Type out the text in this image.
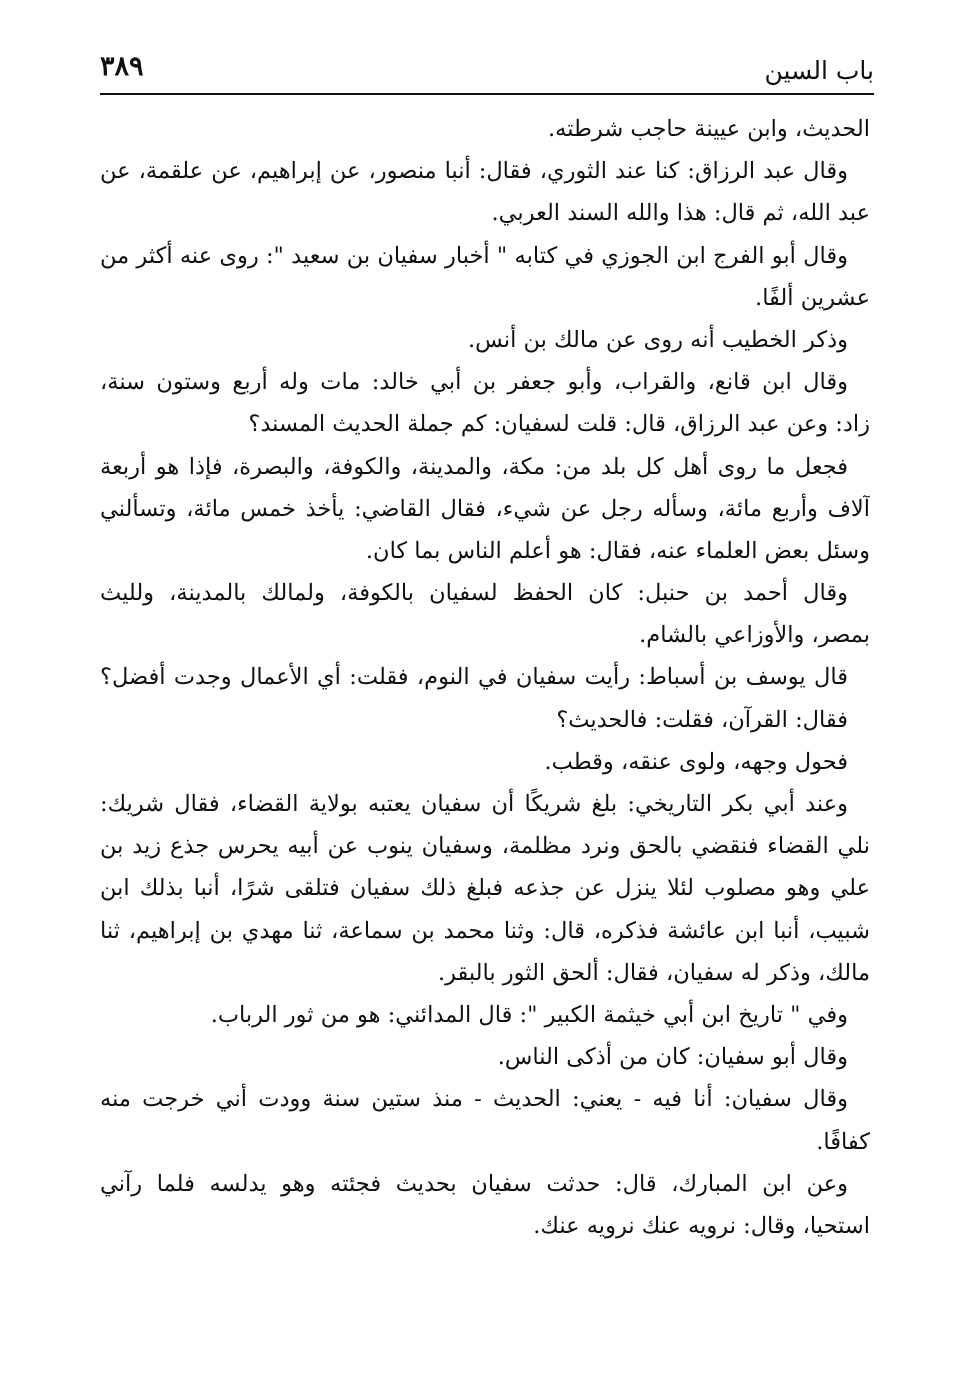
باب السين
٣٨٩
الحديث، وابن عيينة حاجب شرطته.
وقال عبد الرزاق: كنا عند الثوري، فقال: أنبا منصور، عن إبراهيم، عن علقمة، عن
عبد الله، ثم قال: هذا والله السند العربي.
وقال أبو الفرج ابن الجوزي في كتابه " أخبار سفيان بن سعيد ": روى عنه أكثر من
عشرين ألفًا.
وذكر الخطيب أنه روى عن مالك بن أنس.
وقال ابن قانع، والقراب، وأبو جعفر بن أبي خالد: مات وله أربع وستون سنة،
زاد: وعن عبد الرزاق، قال: قلت لسفيان: كم جملة الحديث المسند؟
فجعل ما روى أهل كل بلد من: مكة، والمدينة، والكوفة، والبصرة، فإذا هو أربعة
آلاف وأربع مائة، وسأله رجل عن شيء، فقال القاضي: يأخذ خمس مائة، وتسألني
وسئل بعض العلماء عنه، فقال: هو أعلم الناس بما كان.
وقال أحمد بن حنبل: كان الحفظ لسفيان بالكوفة، ولمالك بالمدينة، ولليث
بمصر، والأوزاعي بالشام.
قال يوسف بن أسباط: رأيت سفيان في النوم، فقلت: أي الأعمال وجدت أفضل؟
فقال: القرآن، فقلت: فالحديث؟
فحول وجهه، ولوى عنقه، وقطب.
وعند أبي بكر التاريخي: بلغ شريكًا أن سفيان يعتبه بولاية القضاء، فقال شريك:
نلي القضاء فنقضي بالحق ونرد مظلمة، وسفيان ينوب عن أبيه يحرس جذع زيد بن
علي وهو مصلوب لئلا ينزل عن جذعه فبلغ ذلك سفيان فتلقى شرًا، أنبا بذلك ابن
شبيب، أنبا ابن عائشة فذكره، قال: وثنا محمد بن سماعة، ثنا مهدي بن إبراهيم، ثنا
مالك، وذكر له سفيان، فقال: ألحق الثور بالبقر.
وفي " تاريخ ابن أبي خيثمة الكبير ": قال المدائني: هو من ثور الرباب.
وقال أبو سفيان: كان من أذكى الناس.
وقال سفيان: أنا فيه - يعني: الحديث - منذ ستين سنة وودت أني خرجت منه
كفافًا.
وعن ابن المبارك، قال: حدثت سفيان بحديث فجئته وهو يدلسه فلما رآني
استحيا، وقال: نرويه عنك نرويه عنك.
